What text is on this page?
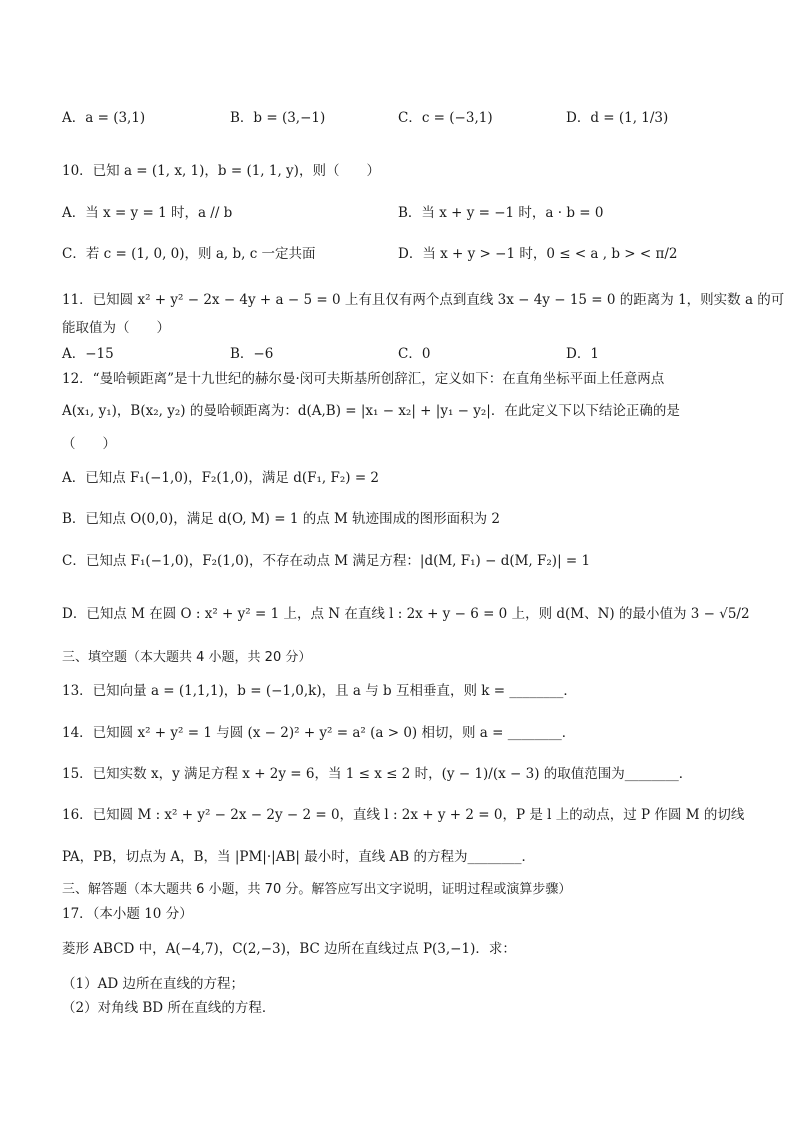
A．a = (3,1)	B．b = (3,−1)	C．c = (−3,1)	D．d = (1, 1/3)
10．已知 a = (1, x, 1)，b = (1, 1, y)，则（　　）
A．当 x = y = 1 时，a // b	B．当 x + y = −1 时，a · b = 0
C．若 c = (1, 0, 0)，则 a, b, c 一定共面	D．当 x + y > −1 时，0 ≤ < a , b > < π/2
11．已知圆 x² + y² − 2x − 4y + a − 5 = 0 上有且仅有两个点到直线 3x − 4y − 15 = 0 的距离为 1，则实数 a 的可
能取值为（　　）
A．−15	B．−6	C．0	D．1
12．“曼哈顿距离”是十九世纪的赫尔曼·闵可夫斯基所创辞汇，定义如下：在直角坐标平面上任意两点
A(x₁, y₁)，B(x₂, y₂) 的曼哈顿距离为：d(A,B) = |x₁ − x₂| + |y₁ − y₂|．在此定义下以下结论正确的是
（　　）
A．已知点 F₁(−1,0)，F₂(1,0)，满足 d(F₁, F₂) = 2
B．已知点 O(0,0)，满足 d(O, M) = 1 的点 M 轨迹围成的图形面积为 2
C．已知点 F₁(−1,0)，F₂(1,0)，不存在动点 M 满足方程：|d(M, F₁) − d(M, F₂)| = 1
D．已知点 M 在圆 O : x² + y² = 1 上，点 N 在直线 l : 2x + y − 6 = 0 上，则 d(M、N) 的最小值为 3 − √5/2
三、填空题（本大题共 4 小题，共 20 分）
13．已知向量 a = (1,1,1)，b = (−1,0,k)，且 a 与 b 互相垂直，则 k = ________．
14．已知圆 x² + y² = 1 与圆 (x − 2)² + y² = a² (a > 0) 相切，则 a = ________．
15．已知实数 x，y 满足方程 x + 2y = 6，当 1 ≤ x ≤ 2 时，(y − 1)/(x − 3) 的取值范围为________．
16．已知圆 M : x² + y² − 2x − 2y − 2 = 0，直线 l : 2x + y + 2 = 0，P 是 l 上的动点，过 P 作圆 M 的切线
PA，PB，切点为 A，B，当 |PM|·|AB| 最小时，直线 AB 的方程为________．
三、解答题（本大题共 6 小题，共 70 分。解答应写出文字说明，证明过程或演算步骤）
17．（本小题 10 分）
菱形 ABCD 中，A(−4,7)，C(2,−3)，BC 边所在直线过点 P(3,−1)．求：
（1）AD 边所在直线的方程；
（2）对角线 BD 所在直线的方程．
